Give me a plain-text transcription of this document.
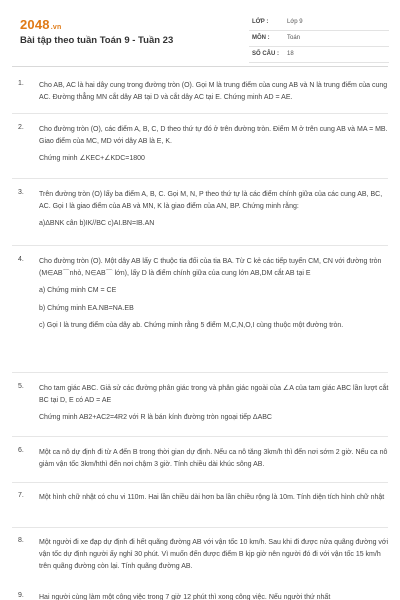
2048.vn
Bài tập theo tuần Toán 9 - Tuần 23
LỚP :	Lớp 9
MÔN :	Toán
SỐ CÂU : 18
1. Cho AB, AC là hai dây cung trong đường tròn (O). Gọi M là trung điểm của cung AB và N là trung điểm của cung AC. Đường thẳng MN cắt dây AB tại D và cắt dây AC tại E. Chứng minh AD = AE.

2. Cho đường tròn (O), các điểm A, B, C, D theo thứ tự đó ở trên đường tròn. Điểm M ở trên cung AB và MA = MB. Giao điểm của MC, MD với dây AB là E, K.

Chứng minh ∠KEC+∠KDC=1800

3. Trên đường tròn (O) lấy ba điểm A, B, C. Gọi M, N, P theo thứ tự là các điểm chính giữa của các cung AB, BC, AC. Gọi I là giao điểm của AB và MN, K là giao điểm của AN, BP. Chứng minh rằng:

a)ΔBNK cân b)IK//BC c)AI.BN=IB.AN

4. Cho đường tròn (O). Một dây AB lấy C thuộc tia đối của tia BA. Từ C kẻ các tiếp tuyến CM, CN với đường tròn (M∈AB⌒nhỏ, N∈AB⌒ lớn), lấy D là điểm chính giữa của cung lớn AB,DM cắt AB tại E

a) Chứng minh CM = CE

b) Chứng minh EA.NB=NA.EB

c) Gọi I là trung điểm của dây ab. Chứng minh rằng 5 điểm M,C,N,O,I cùng thuộc một đường tròn.

5. Cho tam giác ABC. Giả sử các đường phân giác trong và phân giác ngoài của ∠A của tam giác ABC lần lượt cắt BC tại D, E có AD = AE

Chứng minh AB2+AC2=4R2 với R là bán kính đường tròn ngoại tiếp ΔABC

6. Một ca nô dự định đi từ A đến B trong thời gian dự định. Nếu ca nô tăng 3km/h thì đến nơi sớm 2 giờ. Nếu ca nô giảm vận tốc 3km/hthì đến nơi chậm 3 giờ. Tính chiều dài khúc sông AB.

7. Một hình chữ nhật có chu vi 110m. Hai lần chiều dài hơn ba lần chiều rộng là 10m. Tính diện tích hình chữ nhật

8. Một người đi xe đạp dự định đi hết quãng đường AB với vận tốc 10 km/h. Sau khi đi được nửa quãng đường với vận tốc dự định người ấy nghỉ 30 phút. Vì muốn đến được điểm B kịp giờ nên người đó đi với vận tốc 15 km/h trên quãng đường còn lại. Tính quãng đường AB.

9. Hai người cùng làm một công việc trong 7 giờ 12 phút thì xong công việc. Nếu người thứ nhất
